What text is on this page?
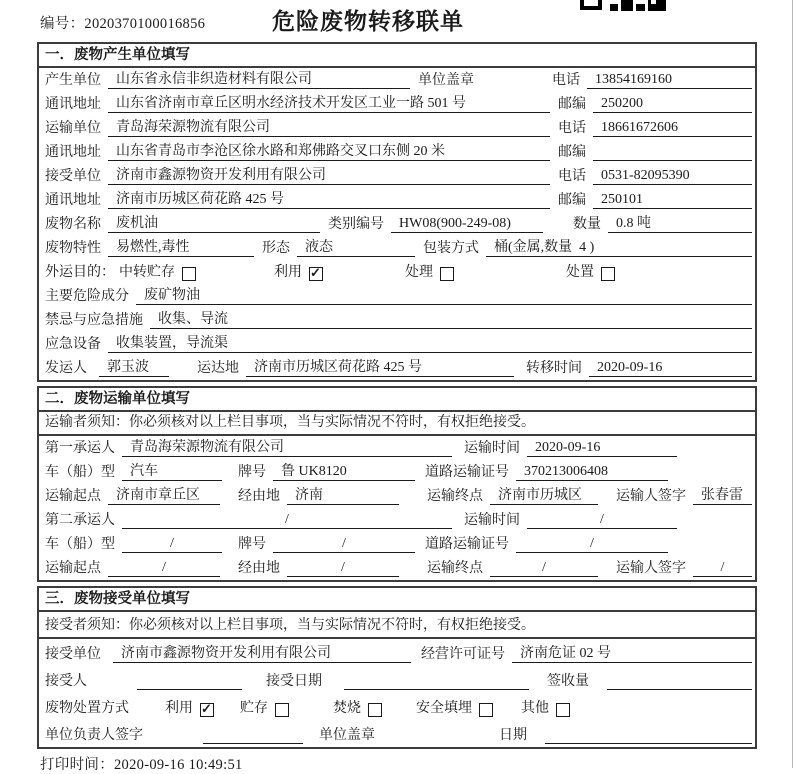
编号：2020370100016856	危险废物转移联单
一．废物产生单位填写
产生单位	山东省永信非织造材料有限公司	单位盖章	电话	13854169160
通讯地址	山东省济南市章丘区明水经济技术开发区工业一路 501 号	邮编	250200
运输单位	青岛海荣源物流有限公司	电话	18661672606
通讯地址	山东省青岛市李沧区徐水路和郑佛路交叉口东侧 20 米	邮编
接受单位	济南市鑫源物资开发利用有限公司	电话	0531-82095390
通讯地址	济南市历城区荷花路 425 号	邮编	250101
废物名称	废机油	类别编号	HW08(900-249-08)	数量	0.8 吨
废物特性	易燃性,毒性	形态	液态	包装方式	桶(金属,数量  4 )
外运目的： 中转贮存	利用 ✓	处理	处置
主要危险成分	废矿物油
禁忌与应急措施	收集、导流
应急设备	收集装置，导流渠
发运人	郭玉波	运达地	济南市历城区荷花路 425 号	转移时间	2020-09-16
二．废物运输单位填写
运输者须知：你必须核对以上栏目事项，当与实际情况不符时，有权拒绝接受。
第一承运人	青岛海荣源物流有限公司	运输时间	2020-09-16
车（船）型	汽车	牌号	鲁 UK8120	道路运输证号	370213006408
运输起点	济南市章丘区	经由地	济南	运输终点	济南市历城区	运输人签字	张春雷
第二承运人	/	运输时间	/
车（船）型	/	牌号	/	道路运输证号	/
运输起点	/	经由地	/	运输终点	/	运输人签字	/
三．废物接受单位填写
接受者须知：你必须核对以上栏目事项，当与实际情况不符时，有权拒绝接受。
接受单位	济南市鑫源物资开发利用有限公司	经营许可证号	济南危证 02 号
接受人	接受日期	签收量
废物处置方式	利用 ✓	贮存	焚烧	安全填埋	其他
单位负责人签字	单位盖章	日期
打印时间：2020-09-16 10:49:51
